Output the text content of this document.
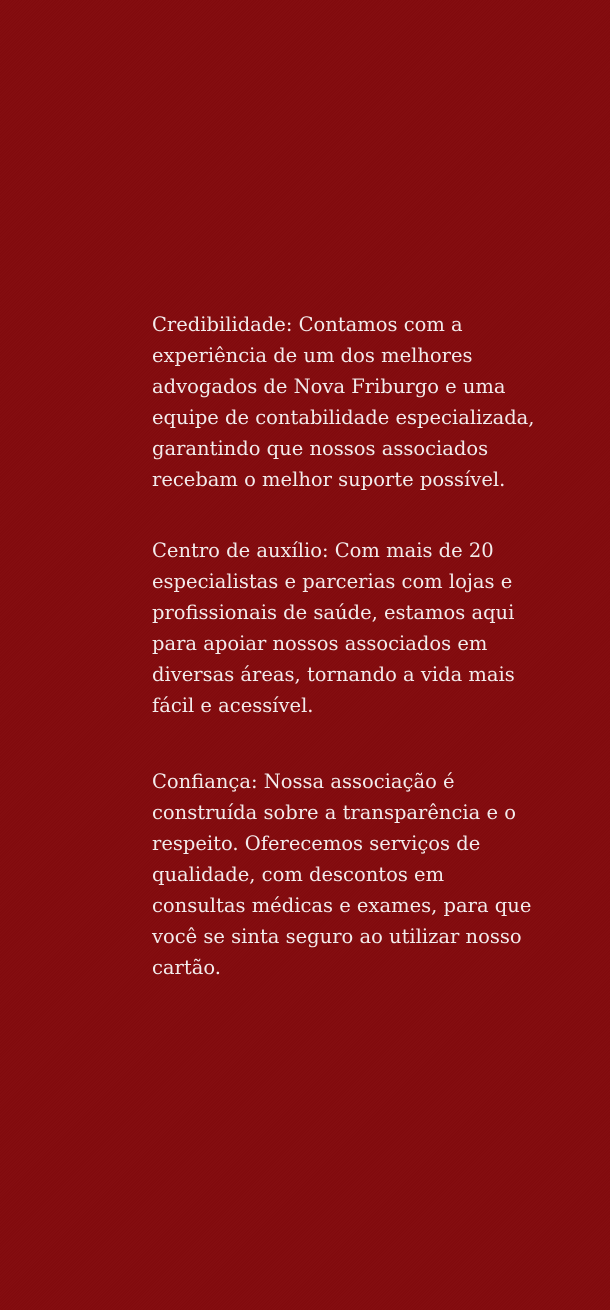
Credibilidade: Contamos com a
experiência de um dos melhores
advogados de Nova Friburgo e uma
equipe de contabilidade especializada,
garantindo que nossos associados
recebam o melhor suporte possível.

Centro de auxílio: Com mais de 20
especialistas e parcerias com lojas e
profissionais de saúde, estamos aqui
para apoiar nossos associados em
diversas áreas, tornando a vida mais
fácil e acessível.

Confiança: Nossa associação é
construída sobre a transparência e o
respeito. Oferecemos serviços de
qualidade, com descontos em
consultas médicas e exames, para que
você se sinta seguro ao utilizar nosso
cartão.
